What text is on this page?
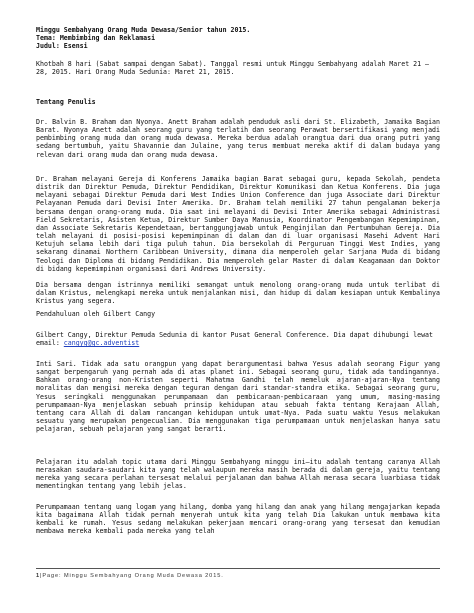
Minggu Sembahyang Orang Muda Dewasa/Senior tahun 2015.

Tema: Membimbing dan Reklamasi

Judul: Esensi

Khotbah 8 hari (Sabat sampai dengan Sabat). Tanggal resmi untuk Minggu Sembahyang adalah Maret 21 – 28, 2015. Hari Orang Muda Sedunia: Maret 21, 2015.

Tentang Penulis

Dr. Balvin B. Braham dan Nyonya. Anett Braham adalah penduduk asli dari St. Elizabeth, Jamaika Bagian Barat. Nyonya Anett adalah seorang guru yang terlatih dan seorang Perawat bersertifikasi yang menjadi pembimbing orang muda dan orang muda dewasa. Mereka berdua adalah orangtua dari dua orang putri yang sedang bertumbuh, yaitu Shavannie dan Julaine, yang terus membuat mereka aktif di dalam budaya yang relevan dari orang muda dan orang muda dewasa.

Dr. Braham melayani Gereja di Konferens Jamaika bagian Barat sebagai guru, kepada Sekolah, pendeta distrik dan Direktur Pemuda, Direktur Pendidikan, Direktur Komunikasi dan Ketua Konferens. Dia juga melayani sebagai Direktur Pemuda dari West Indies Union Conference dan juga Associate dari Direktur Pelayanan Pemuda dari Devisi Inter Amerika. Dr. Braham telah memiliki 27 tahun pengalaman bekerja bersama dengan orang-orang muda. Dia saat ini melayani di Devisi Inter Amerika sebagai Administrasi Field Sekretaris, Asisten Ketua, Direktur Sumber Daya Manusia, Koordinator Pengembangan Kepemimpinan, dan Associate Sekretaris Kependetaan, bertanggungjawab untuk Penginjilan dan Pertumbuhan Gereja. Dia telah melayani di posisi-posisi kepemimpinan di dalam dan di luar organisasi Masehi Advent Hari Ketujuh selama lebih dari tiga puluh tahun. Dia bersekolah di Perguruan Tinggi West Indies, yang sekarang dinamai Northern Caribbean University, dimana dia memperoleh gelar Sarjana Muda di bidang Teologi dan Diploma di bidang Pendidikan. Dia memperoleh gelar Master di dalam Keagamaan dan Doktor di bidang kepemimpinan organisasi dari Andrews University.

Dia bersama dengan istrinnya memiliki semangat untuk menolong orang-orang muda untuk terlibat di dalam Kristus, melengkapi mereka untuk menjalankan misi, dan hidup di dalam kesiapan untuk Kembalinya Kristus yang segera.

Pendahuluan oleh Gilbert Cangy

Gilbert Cangy, Direktur Pemuda Sedunia di kantor Pusat General Conference. Dia dapat dihubungi lewat email: cangyg@gc.adventist

Inti Sari. Tidak ada satu orangpun yang dapat berargumentasi bahwa Yesus adalah seorang Figur yang sangat berpengaruh yang pernah ada di atas planet ini. Sebagai seorang guru, tidak ada tandingannya. Bahkan orang-orang non-Kristen seperti Mahatma Gandhi telah memeluk ajaran-ajaran-Nya tentang moralitas dan mengisi mereka dengan teguran dengan dari standar-standra etika. Sebagai seorang guru, Yesus seringkali menggunakan perumpamaan dan pembicaraan-pembicaraan yang umum, masing-masing perumpamaan-Nya menjelaskan sebuah prinsip kehidupan atau sebuah fakta tentang Kerajaan Allah, tentang cara Allah di dalam rancangan kehidupan untuk umat-Nya. Pada suatu waktu Yesus melakukan sesuatu yang merupakan pengecualian. Dia menggunakan tiga perumpamaan untuk menjelaskan hanya satu pelajaran, sebuah pelajaran yang sangat berarti.

Pelajaran itu adalah topic utama dari Minggu Sembahyang minggu ini—itu adalah tentang caranya Allah merasakan saudara-saudari kita yang telah walaupun mereka masih berada di dalam gereja, yaitu tentang mereka yang secara perlahan tersesat melalui perjalanan dan bahwa Allah merasa secara luarbiasa tidak mementingkan tentang yang lebih jelas.

Perumpamaan tentang uang logam yang hilang, domba yang hilang dan anak yang hilang mengajarkan kepada kita bagaimana Allah tidak pernah menyerah untuk kita yang telah Dia lakukan untuk membawa kita kembali ke rumah. Yesus sedang melakukan pekerjaan mencari orang-orang yang tersesat dan kemudian membawa mereka kembali pada mereka yang telah

1|Page: Minggu Sembahyang Orang Muda Dewasa 2015.
